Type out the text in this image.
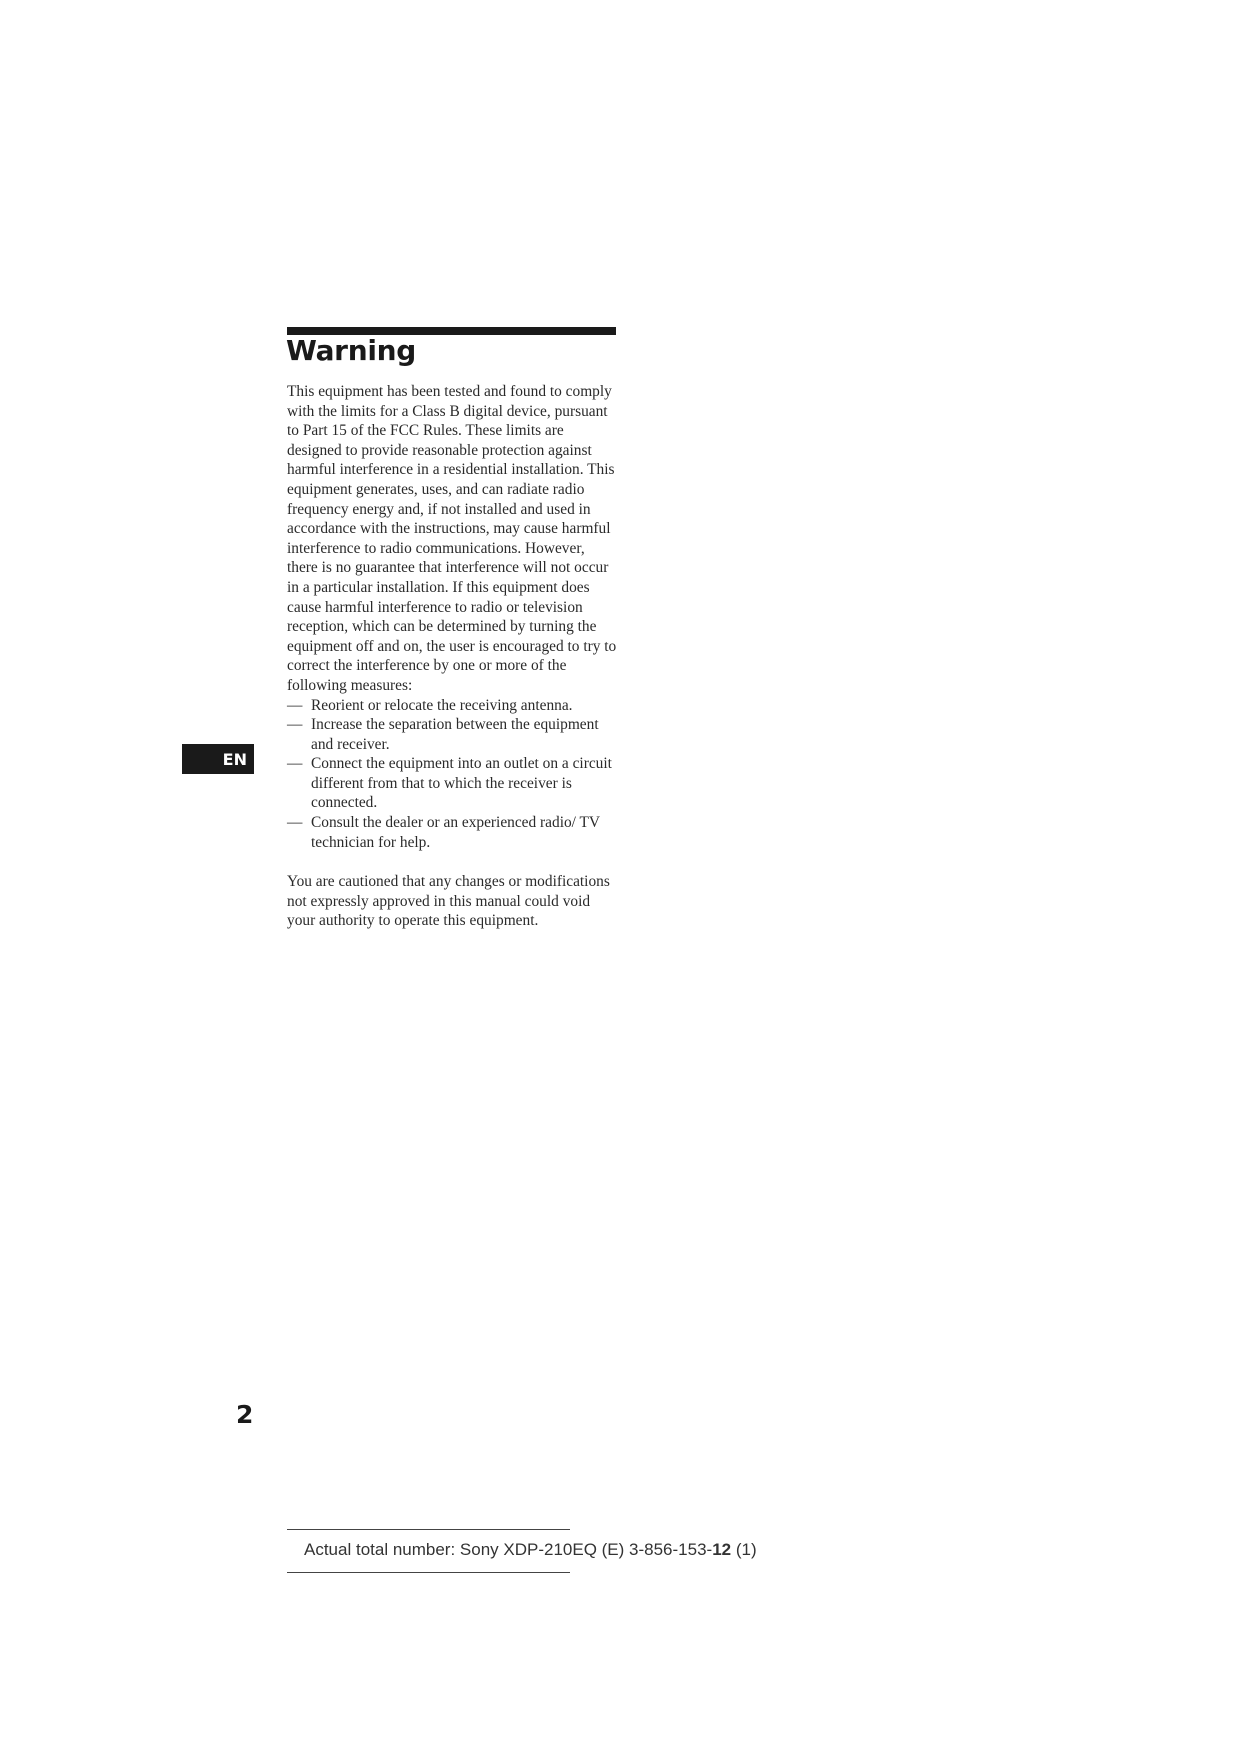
Warning

This equipment has been tested and found to comply with the limits for a Class B digital device, pursuant to Part 15 of the FCC Rules. These limits are designed to provide reasonable protection against harmful interference in a residential installation. This equipment generates, uses, and can radiate radio frequency energy and, if not installed and used in accordance with the instructions, may cause harmful interference to radio communications. However, there is no guarantee that interference will not occur in a particular installation. If this equipment does cause harmful interference to radio or television reception, which can be determined by turning the equipment off and on, the user is encouraged to try to correct the interference by one or more of the following measures:

— Reorient or relocate the receiving antenna.
— Increase the separation between the equipment and receiver.
— Connect the equipment into an outlet on a circuit different from that to which the receiver is connected.
— Consult the dealer or an experienced radio/ TV technician for help.

You are cautioned that any changes or modifications not expressly approved in this manual could void your authority to operate this equipment.

EN
2
Actual total number: Sony XDP-210EQ (E) 3-856-153-12 (1)
